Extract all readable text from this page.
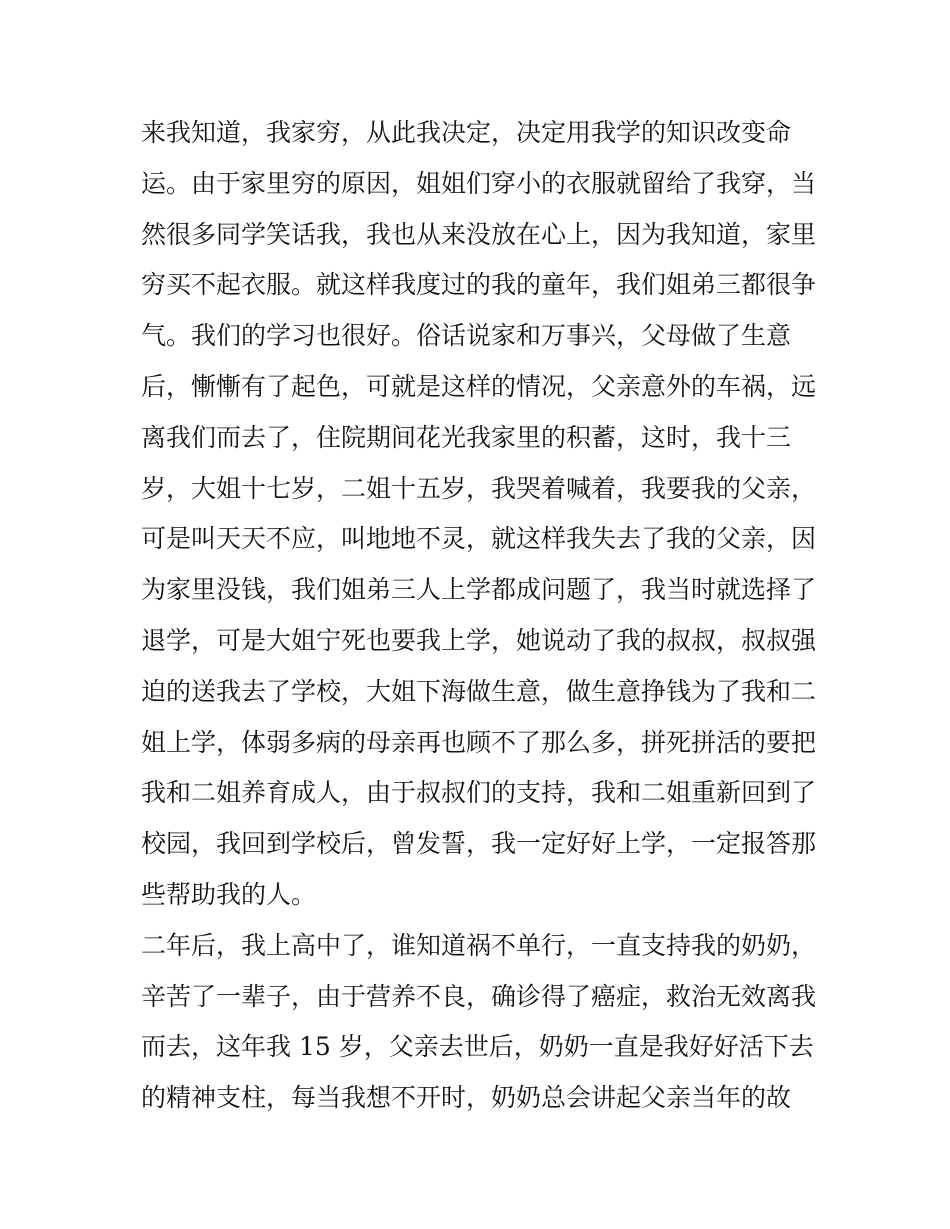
来我知道，我家穷，从此我决定，决定用我学的知识改变命
运。由于家里穷的原因，姐姐们穿小的衣服就留给了我穿，当
然很多同学笑话我，我也从来没放在心上，因为我知道，家里
穷买不起衣服。就这样我度过的我的童年，我们姐弟三都很争
气。我们的学习也很好。俗话说家和万事兴，父母做了生意
后，慚慚有了起色，可就是这样的情况，父亲意外的车祸，远
离我们而去了，住院期间花光我家里的积蓄，这时，我十三
岁，大姐十七岁，二姐十五岁，我哭着喊着，我要我的父亲，
可是叫天天不应，叫地地不灵，就这样我失去了我的父亲，因
为家里没钱，我们姐弟三人上学都成问题了，我当时就选择了
退学，可是大姐宁死也要我上学，她说动了我的叔叔，叔叔强
迫的送我去了学校，大姐下海做生意，做生意挣钱为了我和二
姐上学，体弱多病的母亲再也顾不了那么多，拼死拼活的要把
我和二姐养育成人，由于叔叔们的支持，我和二姐重新回到了
校园，我回到学校后，曾发誓，我一定好好上学，一定报答那
些帮助我的人。
二年后，我上高中了，谁知道祸不单行，一直支持我的奶奶，
辛苦了一辈子，由于营养不良，确诊得了癌症，救治无效离我
而去，这年我 15 岁，父亲去世后，奶奶一直是我好好活下去
的精神支柱，每当我想不开时，奶奶总会讲起父亲当年的故
